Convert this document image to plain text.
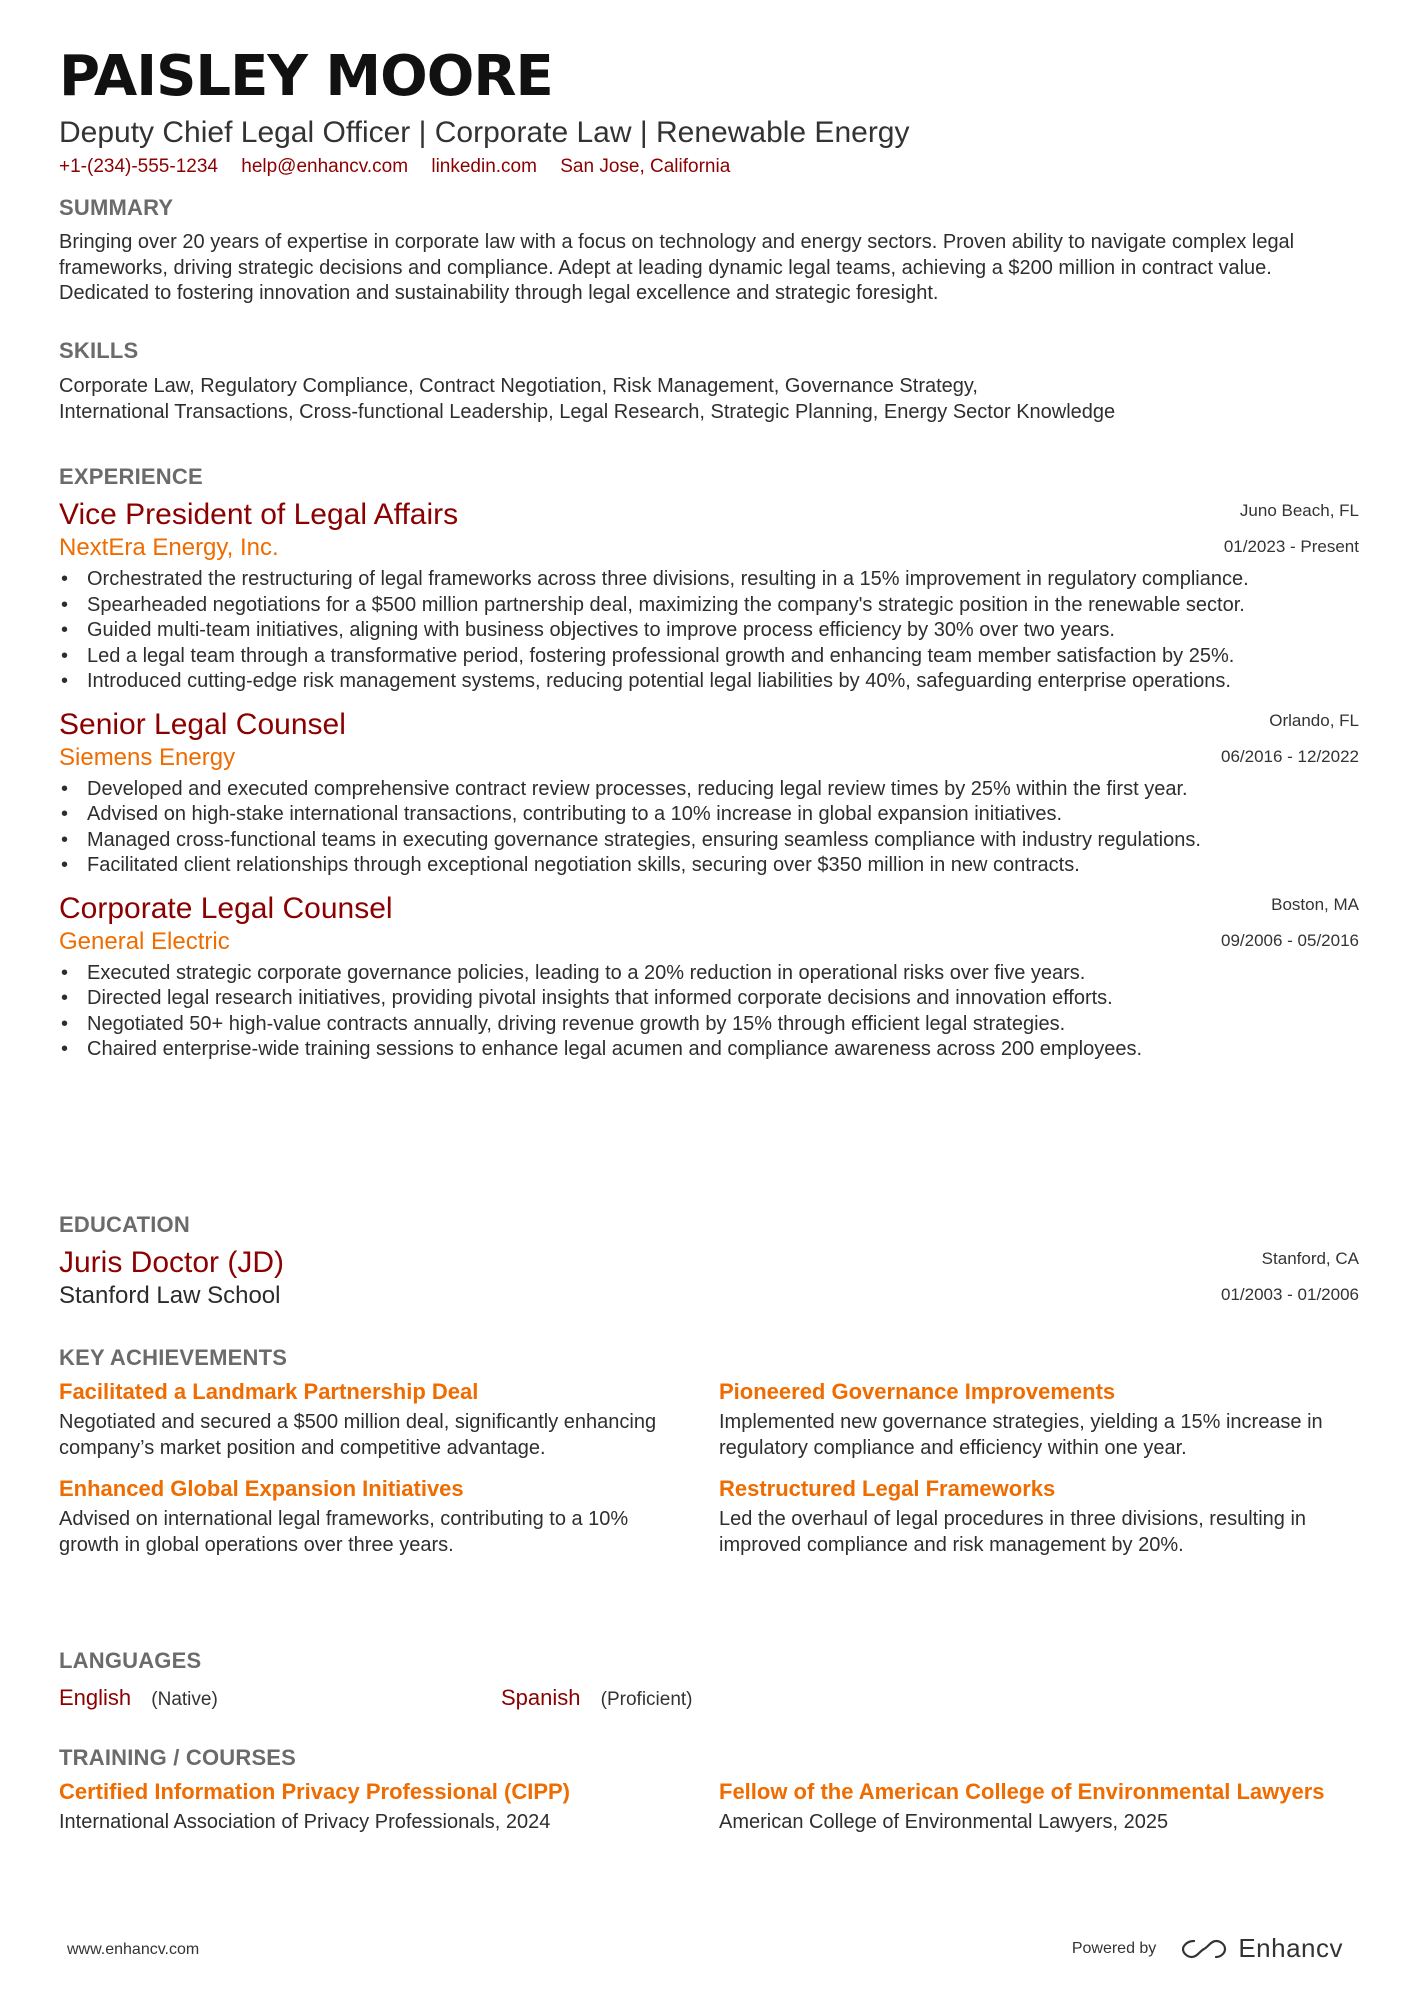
PAISLEY MOORE
Deputy Chief Legal Officer | Corporate Law | Renewable Energy
+1-(234)-555-1234 help@enhancv.com linkedin.com San Jose, California
SUMMARY
Bringing over 20 years of expertise in corporate law with a focus on technology and energy sectors. Proven ability to navigate complex legal frameworks, driving strategic decisions and compliance. Adept at leading dynamic legal teams, achieving a $200 million in contract value. Dedicated to fostering innovation and sustainability through legal excellence and strategic foresight.
SKILLS
Corporate Law, Regulatory Compliance, Contract Negotiation, Risk Management, Governance Strategy,
International Transactions, Cross-functional Leadership, Legal Research, Strategic Planning, Energy Sector Knowledge
EXPERIENCE
Juno Beach, FL
01/2023 - Present
Vice President of Legal Affairs
NextEra Energy, Inc.
• Orchestrated the restructuring of legal frameworks across three divisions, resulting in a 15% improvement in regulatory compliance.
• Spearheaded negotiations for a $500 million partnership deal, maximizing the company's strategic position in the renewable sector.
• Guided multi-team initiatives, aligning with business objectives to improve process efficiency by 30% over two years.
• Led a legal team through a transformative period, fostering professional growth and enhancing team member satisfaction by 25%.
• Introduced cutting-edge risk management systems, reducing potential legal liabilities by 40%, safeguarding enterprise operations.
Orlando, FL
06/2016 - 12/2022
Senior Legal Counsel
Siemens Energy
• Developed and executed comprehensive contract review processes, reducing legal review times by 25% within the first year.
• Advised on high-stake international transactions, contributing to a 10% increase in global expansion initiatives.
• Managed cross-functional teams in executing governance strategies, ensuring seamless compliance with industry regulations.
• Facilitated client relationships through exceptional negotiation skills, securing over $350 million in new contracts.
Boston, MA
09/2006 - 05/2016
Corporate Legal Counsel
General Electric
• Executed strategic corporate governance policies, leading to a 20% reduction in operational risks over five years.
• Directed legal research initiatives, providing pivotal insights that informed corporate decisions and innovation efforts.
• Negotiated 50+ high-value contracts annually, driving revenue growth by 15% through efficient legal strategies.
• Chaired enterprise-wide training sessions to enhance legal acumen and compliance awareness across 200 employees.
EDUCATION
Stanford, CA
01/2003 - 01/2006
Juris Doctor (JD)
Stanford Law School
KEY ACHIEVEMENTS
Facilitated a Landmark Partnership Deal
Negotiated and secured a $500 million deal, significantly enhancing company’s market position and competitive advantage.
Pioneered Governance Improvements
Implemented new governance strategies, yielding a 15% increase in regulatory compliance and efficiency within one year.
Enhanced Global Expansion Initiatives
Advised on international legal frameworks, contributing to a 10% growth in global operations over three years.
Restructured Legal Frameworks
Led the overhaul of legal procedures in three divisions, resulting in improved compliance and risk management by 20%.
LANGUAGES
English (Native)	Spanish (Proficient)
TRAINING / COURSES
Certified Information Privacy Professional (CIPP)
International Association of Privacy Professionals, 2024
Fellow of the American College of Environmental Lawyers
American College of Environmental Lawyers, 2025
www.enhancv.com	Powered by	Enhancv
